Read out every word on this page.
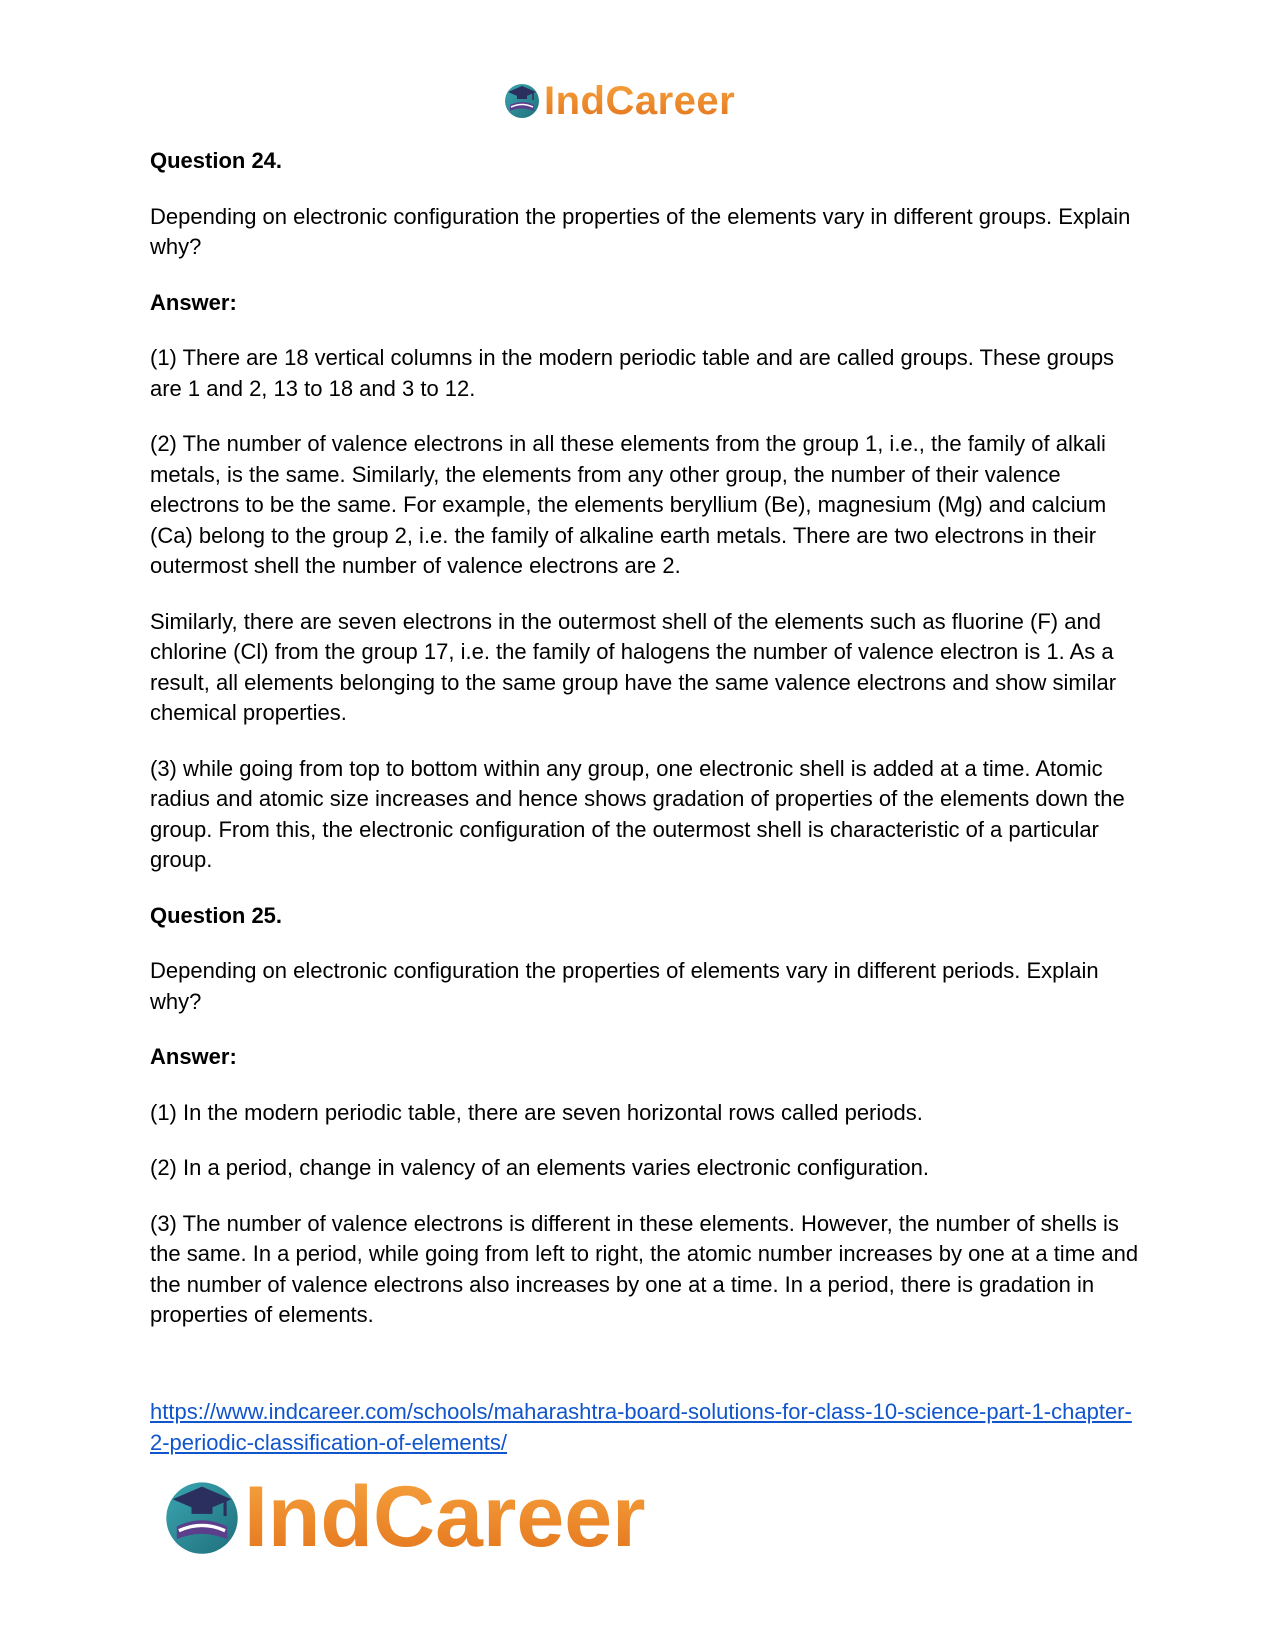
IndCareer

Question 24.

Depending on electronic configuration the properties of the elements vary in different groups. Explain why?

Answer:

(1) There are 18 vertical columns in the modern periodic table and are called groups. These groups are 1 and 2, 13 to 18 and 3 to 12.

(2) The number of valence electrons in all these elements from the group 1, i.e., the family of alkali metals, is the same. Similarly, the elements from any other group, the number of their valence electrons to be the same. For example, the elements beryllium (Be), magnesium (Mg) and calcium (Ca) belong to the group 2, i.e. the family of alkaline earth metals. There are two electrons in their outermost shell the number of valence electrons are 2.

Similarly, there are seven electrons in the outermost shell of the elements such as fluorine (F) and chlorine (Cl) from the group 17, i.e. the family of halogens the number of valence electron is 1. As a result, all elements belonging to the same group have the same valence electrons and show similar chemical properties.

(3) while going from top to bottom within any group, one electronic shell is added at a time. Atomic radius and atomic size increases and hence shows gradation of properties of the elements down the group. From this, the electronic configuration of the outermost shell is characteristic of a particular group.

Question 25.

Depending on electronic configuration the properties of elements vary in different periods. Explain why?

Answer:

(1) In the modern periodic table, there are seven horizontal rows called periods.

(2) In a period, change in valency of an elements varies electronic configuration.

(3) The number of valence electrons is different in these elements. However, the number of shells is the same. In a period, while going from left to right, the atomic number increases by one at a time and the number of valence electrons also increases by one at a time. In a period, there is gradation in properties of elements.

https://www.indcareer.com/schools/maharashtra-board-solutions-for-class-10-science-part-1-chapter-2-periodic-classification-of-elements/
IndCareer
